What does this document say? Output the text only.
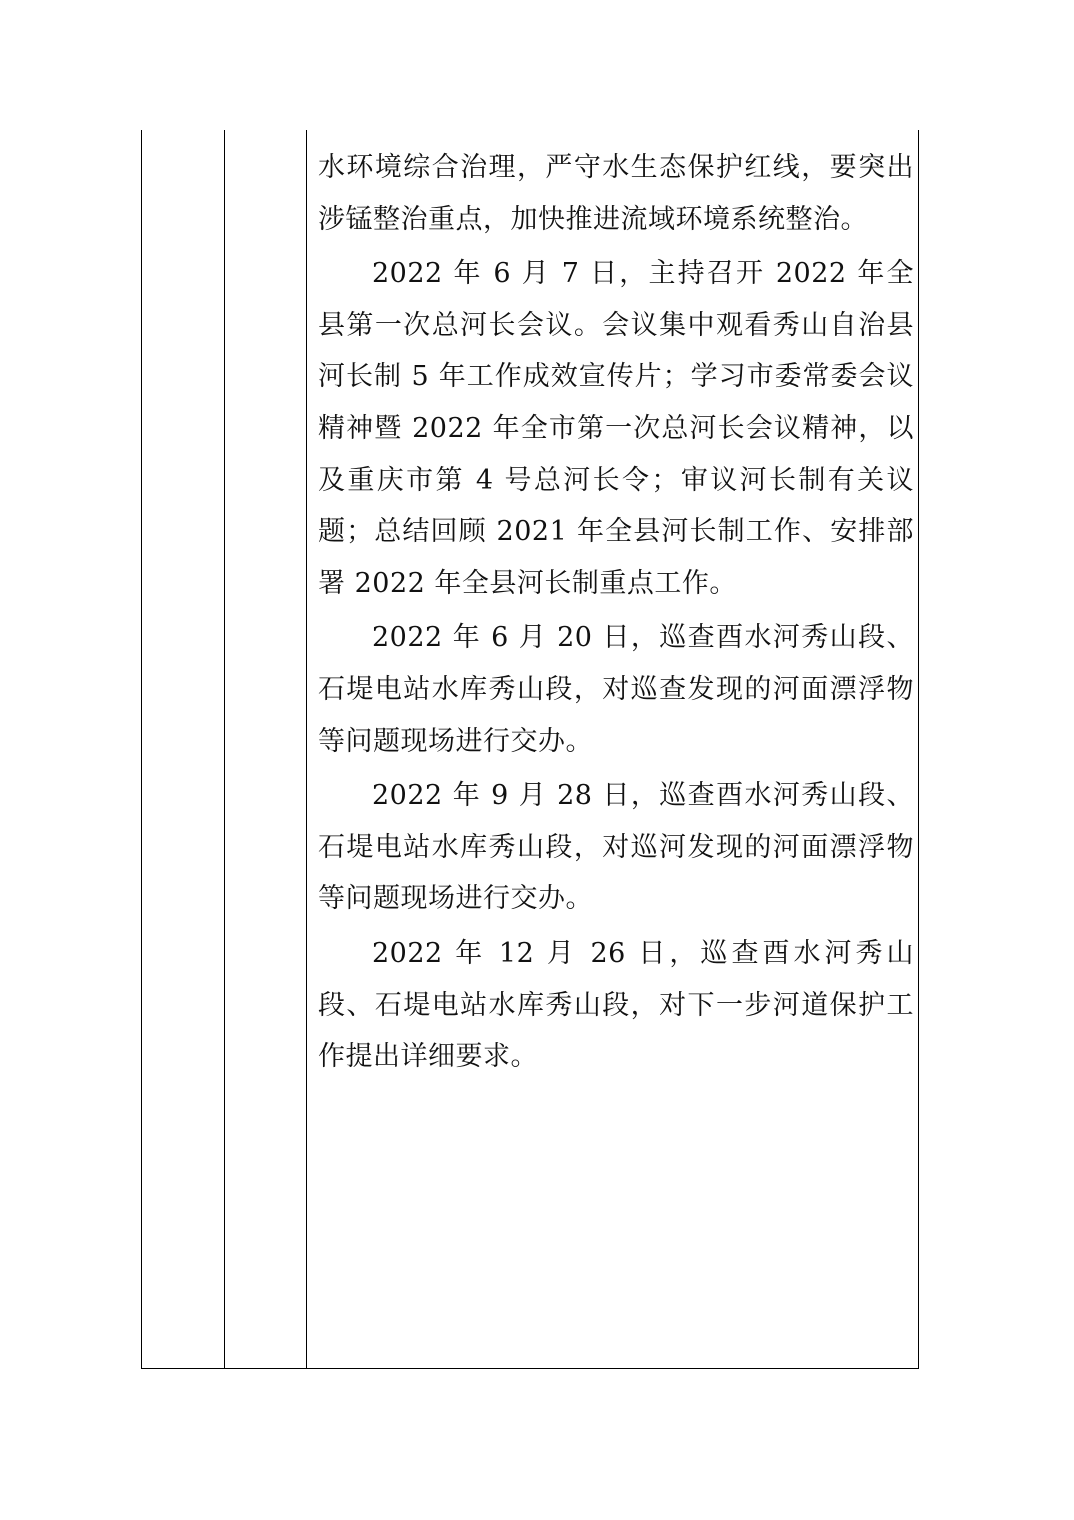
水环境综合治理，严守水生态保护红线，要突出涉锰整治重点，加快推进流域环境系统整治。

2022 年 6 月 7 日，主持召开 2022 年全县第一次总河长会议。会议集中观看秀山自治县河长制 5 年工作成效宣传片；学习市委常委会议精神暨 2022 年全市第一次总河长会议精神，以及重庆市第 4 号总河长令；审议河长制有关议题；总结回顾 2021 年全县河长制工作、安排部署 2022 年全县河长制重点工作。

2022 年 6 月 20 日，巡查酉水河秀山段、石堤电站水库秀山段，对巡查发现的河面漂浮物等问题现场进行交办。

2022 年 9 月 28 日，巡查酉水河秀山段、石堤电站水库秀山段，对巡河发现的河面漂浮物等问题现场进行交办。

2022 年 12 月 26 日，巡查酉水河秀山段、石堤电站水库秀山段，对下一步河道保护工作提出详细要求。
